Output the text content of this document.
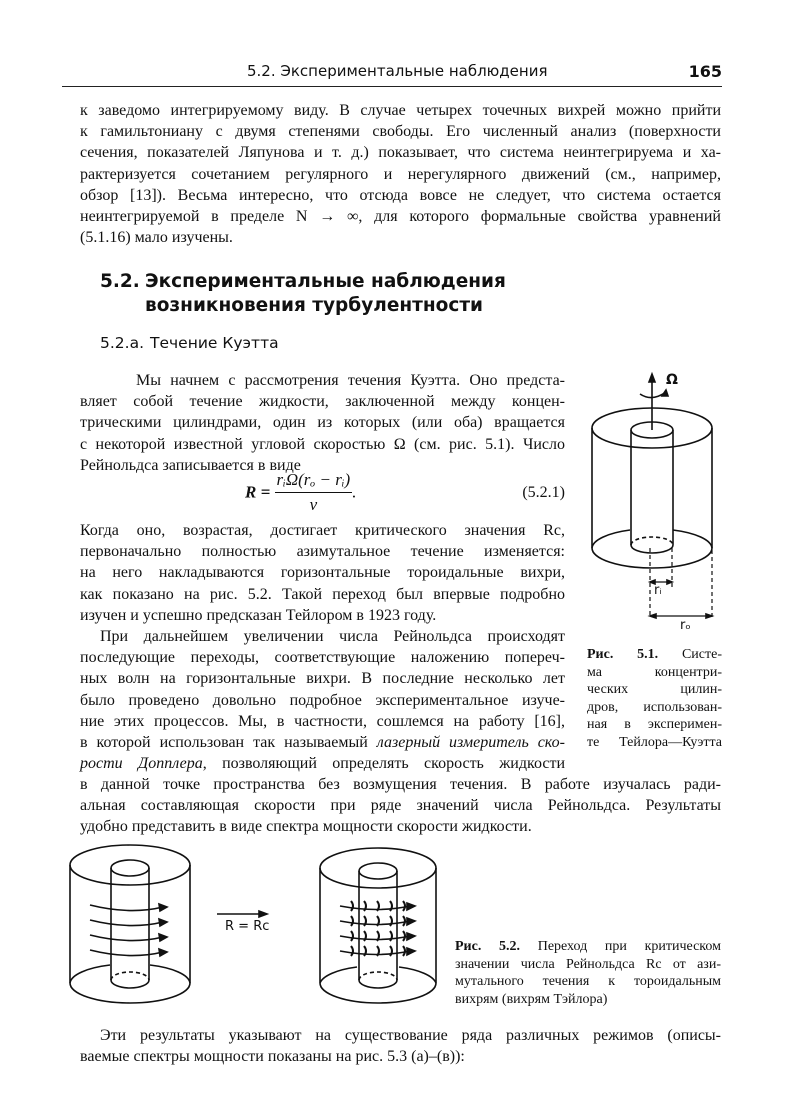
5.2. Экспериментальные наблюдения	165
к заведомо интегрируемому виду. В случае четырех точечных вихрей можно прийти
к гамильтониану с двумя степенями свободы. Его численный анализ (поверхности
сечения, показателей Ляпунова и т. д.) показывает, что система неинтегрируема и ха-
рактеризуется сочетанием регулярного и нерегулярного движений (см., например,
обзор [13]). Весьма интересно, что отсюда вовсе не следует, что система остается
неинтегрируемой в пределе N → ∞, для которого формальные свойства уравнений
(5.1.16) мало изучены.
5.2. Экспериментальные наблюдения
возникновения турбулентности
5.2.а. Течение Куэтта
Мы начнем с рассмотрения течения Куэтта. Оно предста-
вляет собой течение жидкости, заключенной между концен-
трическими цилиндрами, один из которых (или оба) вращается
с некоторой известной угловой скоростью Ω (см. рис. 5.1). Число
Рейнольдса записывается в виде
$R = \frac{\text{rᵢΩ(rₒ − rᵢ)}}{\nu}$ .	(5.2.1)
Когда оно, возрастая, достигает критического значения Rc,
первоначально полностью азимутальное течение изменяется:
на него накладываются горизонтальные тороидальные вихри,
как показано на рис. 5.2. Такой переход был впервые подробно
изучен и успешно предсказан Тейлором в 1923 году.
При дальнейшем увеличении числа Рейнольдса происходят
последующие переходы, соответствующие наложению попереч-
ных волн на горизонтальные вихри. В последние несколько лет
было проведено довольно подробное экспериментальное изуче-
ние этих процессов. Мы, в частности, сошлемся на работу [16],
в которой использован так называемый лазерный измеритель ско-
рости Допплера, позволяющий определять скорость жидкости
в данной точке пространства без возмущения течения. В работе изучалась ради-
альная составляющая скорости при ряде значений числа Рейнольдса. Результаты
удобно представить в виде спектра мощности скорости жидкости.
Ω
rᵢ
rₒ
Рис. 5.1. Систе-
ма концентри-
ческих цилин-
дров, использован-
ная в эксперимен-
те Тейлора—Куэтта
R = Rc
Рис. 5.2. Переход при критическом
значении числа Рейнольдса Rc от ази-
мутального течения к тороидальным
вихрям (вихрям Тэйлора)
Эти результаты указывают на существование ряда различных режимов (описы-
ваемые спектры мощности показаны на рис. 5.3 (а)–(в)):
